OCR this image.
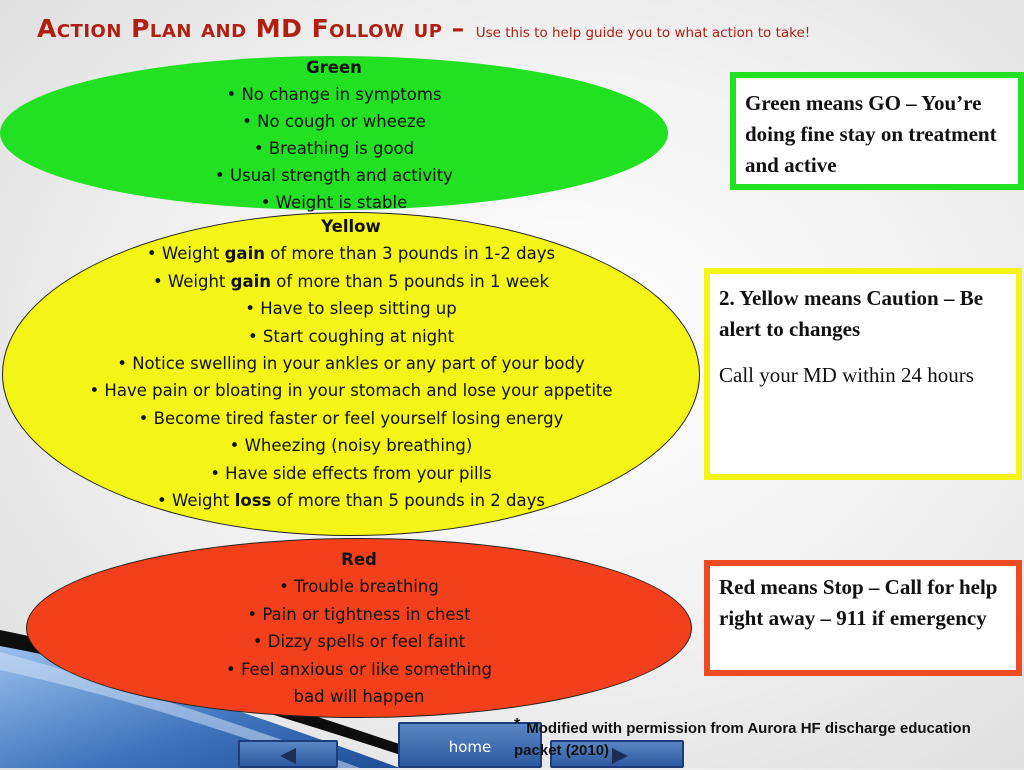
Action Plan and MD Follow up – Use this to help guide you to what action to take!
Green
• No change in symptoms
• No cough or wheeze
• Breathing is good
• Usual strength and activity
• Weight is stable
Yellow
• Weight gain of more than 3 pounds in 1-2 days
• Weight gain of more than 5 pounds in 1 week
• Have to sleep sitting up
• Start coughing at night
• Notice swelling in your ankles or any part of your body
• Have pain or bloating in your stomach and lose your appetite
• Become tired faster or feel yourself losing energy
• Wheezing (noisy breathing)
• Have side effects from your pills
• Weight loss of more than 5 pounds in 2 days
Red
• Trouble breathing
• Pain or tightness in chest
• Dizzy spells or feel faint
• Feel anxious or like something
bad will happen
Green means GO – You’re doing fine stay on treatment and active
2. Yellow means Caution – Be alert to changes
Call your MD within 24 hours
Red means Stop – Call for help right away – 911 if emergency
home
* Modified with permission from Aurora HF discharge education packet (2010)
